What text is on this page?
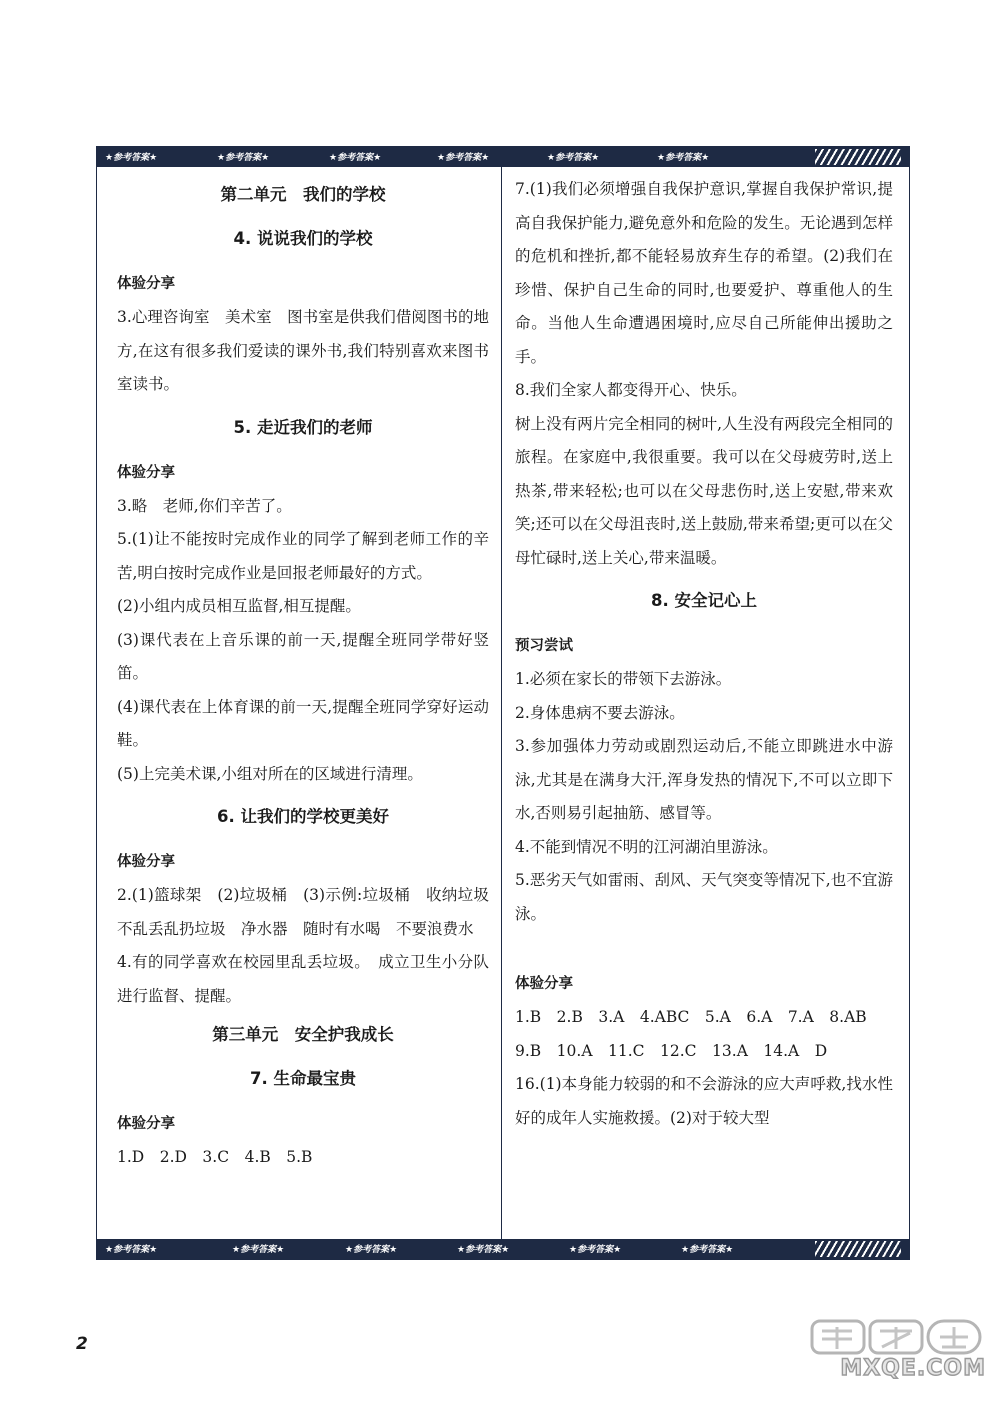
★参考答案★	★参考答案★	★参考答案★	★参考答案★	★参考答案★	★参考答案★
第二单元　我们的学校
4. 说说我们的学校
体验分享

3.心理咨询室　美术室　图书室是供我们借阅图书的地方,在这有很多我们爱读的课外书,我们特别喜欢来图书室读书。

5. 走近我们的老师
体验分享

3.略　老师,你们辛苦了。

5.(1)让不能按时完成作业的同学了解到老师工作的辛苦,明白按时完成作业是回报老师最好的方式。

(2)小组内成员相互监督,相互提醒。

(3)课代表在上音乐课的前一天,提醒全班同学带好竖笛。

(4)课代表在上体育课的前一天,提醒全班同学穿好运动鞋。

(5)上完美术课,小组对所在的区域进行清理。

6. 让我们的学校更美好
体验分享

2.(1)篮球架　(2)垃圾桶　(3)示例:垃圾桶　收纳垃圾　不乱丢乱扔垃圾　净水器　随时有水喝　不要浪费水

4.有的同学喜欢在校园里乱丢垃圾。　成立卫生小分队进行监督、提醒。

第三单元　安全护我成长
7. 生命最宝贵
体验分享

1.D　2.D　3.C　4.B　5.B

7.(1)我们必须增强自我保护意识,掌握自我保护常识,提高自我保护能力,避免意外和危险的发生。无论遇到怎样的危机和挫折,都不能轻易放弃生存的希望。(2)我们在珍惜、保护自己生命的同时,也要爱护、尊重他人的生命。当他人生命遭遇困境时,应尽自己所能伸出援助之手。

8.我们全家人都变得开心、快乐。

树上没有两片完全相同的树叶,人生没有两段完全相同的旅程。在家庭中,我很重要。我可以在父母疲劳时,送上热茶,带来轻松;也可以在父母悲伤时,送上安慰,带来欢笑;还可以在父母沮丧时,送上鼓励,带来希望;更可以在父母忙碌时,送上关心,带来温暖。

8. 安全记心上
预习尝试

1.必须在家长的带领下去游泳。

2.身体患病不要去游泳。

3.参加强体力劳动或剧烈运动后,不能立即跳进水中游泳,尤其是在满身大汗,浑身发热的情况下,不可以立即下水,否则易引起抽筋、感冒等。

4.不能到情况不明的江河湖泊里游泳。

5.恶劣天气如雷雨、刮风、天气突变等情况下,也不宜游泳。

体验分享

1.B　2.B　3.A　4.ABC　5.A　6.A　7.A　8.AB

9.B　10.A　11.C　12.C　13.A　14.A　D

16.(1)本身能力较弱的和不会游泳的应大声呼救,找水性好的成年人实施救援。(2)对于较大型

★参考答案★	★参考答案★	★参考答案★	★参考答案★	★参考答案★	★参考答案★
2
MXQE.COM
